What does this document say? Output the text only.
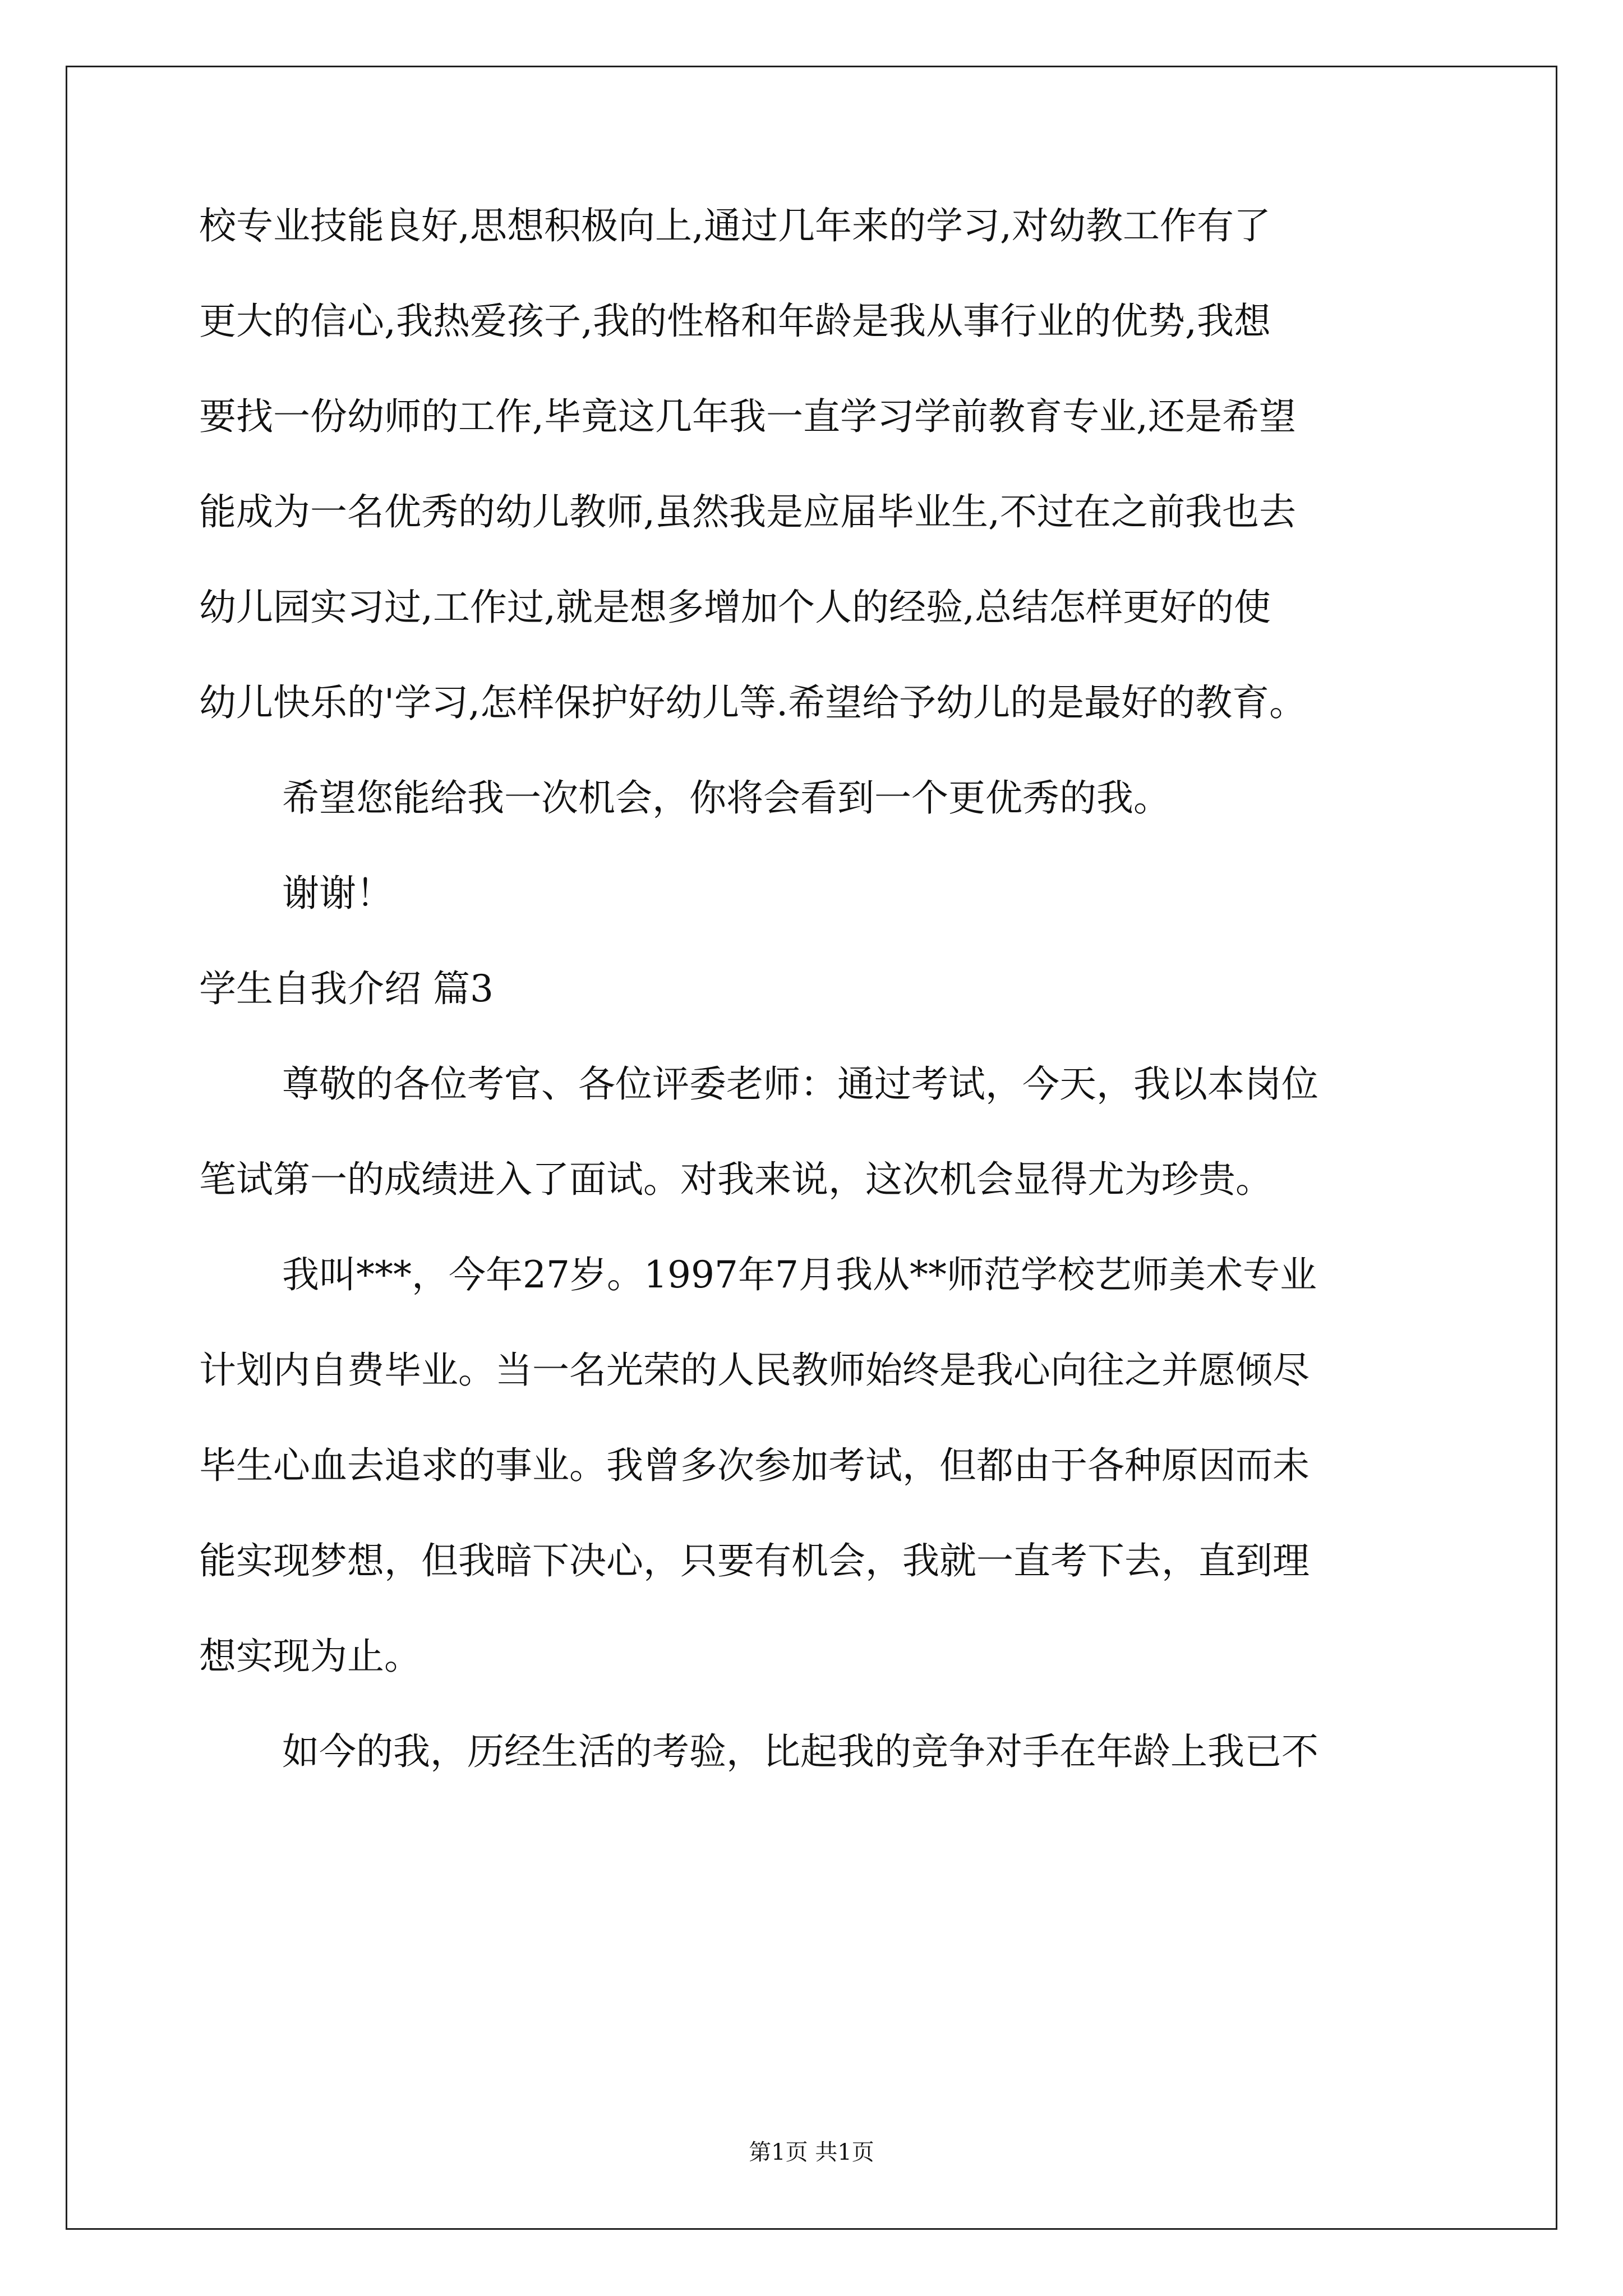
校专业技能良好,思想积极向上,通过几年来的学习,对幼教工作有了
更大的信心,我热爱孩子,我的性格和年龄是我从事行业的优势,我想
要找一份幼师的工作,毕竟这几年我一直学习学前教育专业,还是希望
能成为一名优秀的幼儿教师,虽然我是应届毕业生,不过在之前我也去
幼儿园实习过,工作过,就是想多增加个人的经验,总结怎样更好的使
幼儿快乐的'学习,怎样保护好幼儿等.希望给予幼儿的是最好的教育。
希望您能给我一次机会，你将会看到一个更优秀的我。
谢谢！
学生自我介绍 篇3
尊敬的各位考官、各位评委老师：通过考试，今天，我以本岗位
笔试第一的成绩进入了面试。对我来说，这次机会显得尤为珍贵。
我叫***，今年27岁。1997年7月我从**师范学校艺师美术专业
计划内自费毕业。当一名光荣的人民教师始终是我心向往之并愿倾尽
毕生心血去追求的事业。我曾多次参加考试，但都由于各种原因而未
能实现梦想，但我暗下决心，只要有机会，我就一直考下去，直到理
想实现为止。
如今的我，历经生活的考验，比起我的竞争对手在年龄上我已不
第1页 共1页
